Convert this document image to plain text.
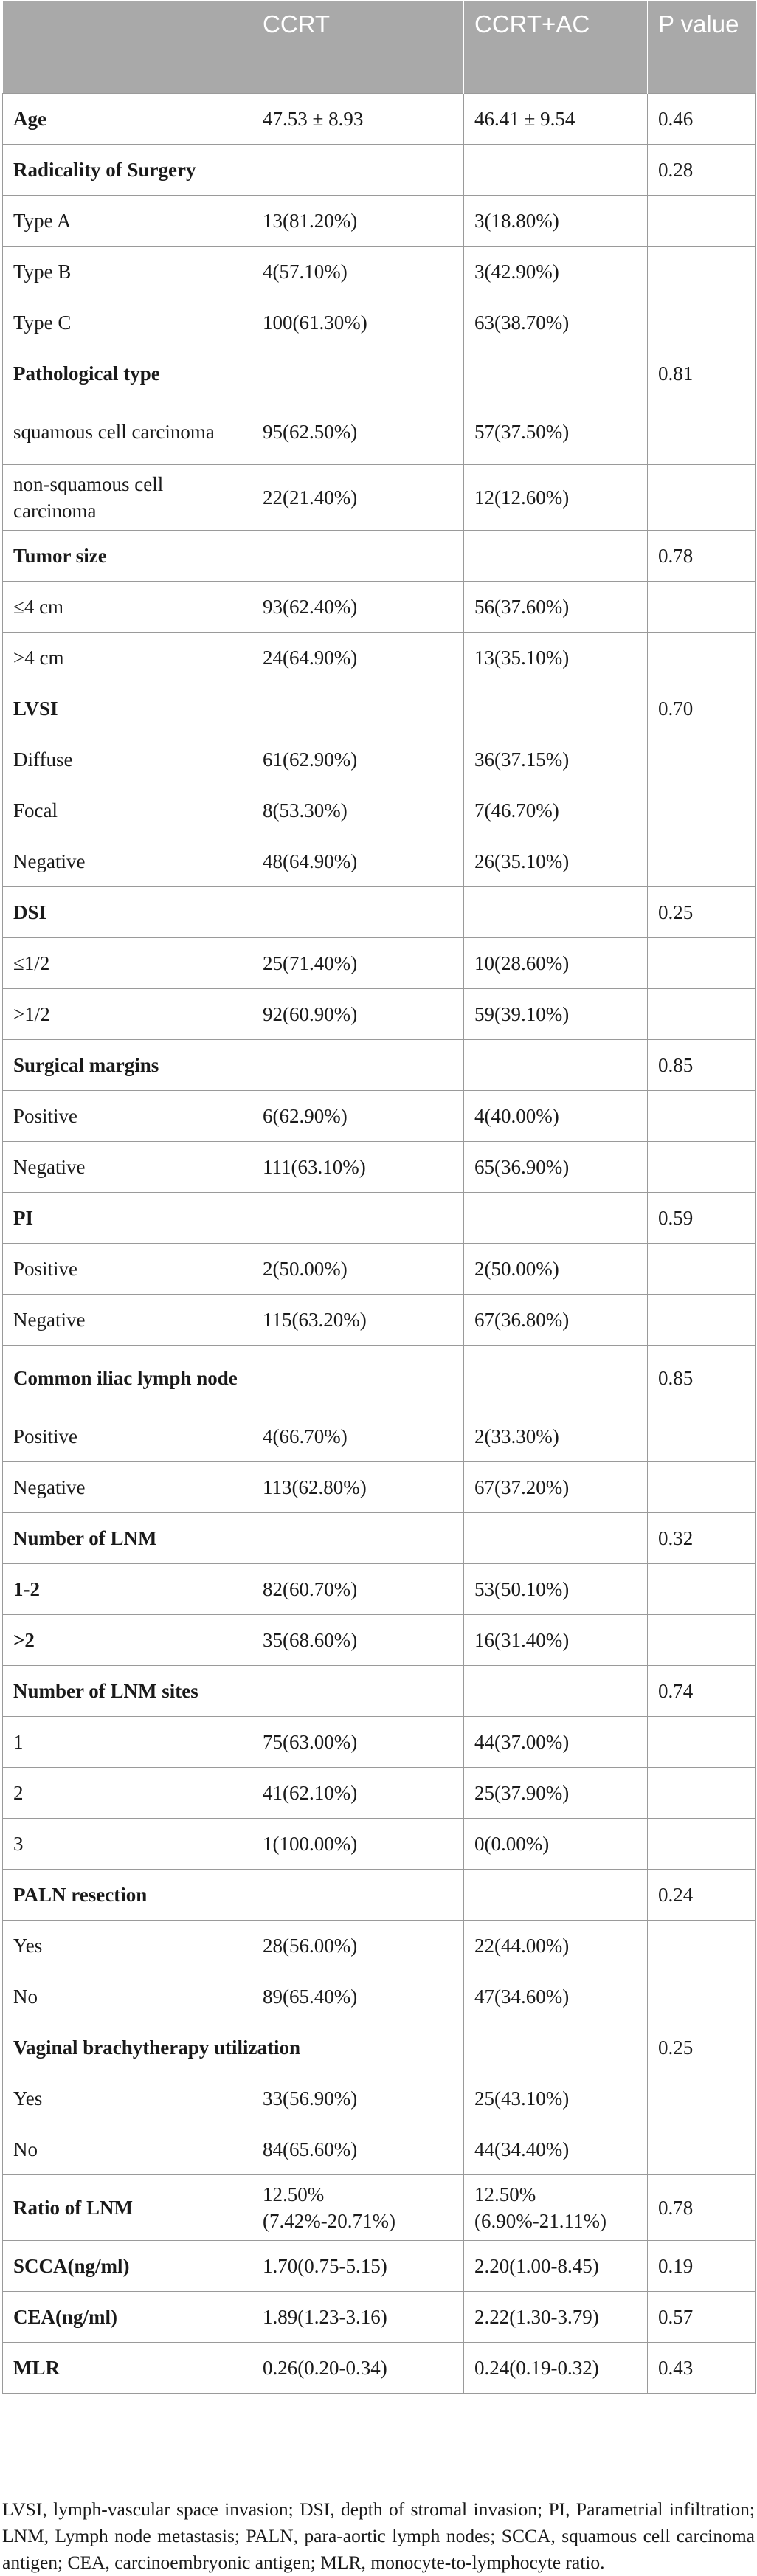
	CCRT	CCRT+AC	P value
Age	47.53 ± 8.93	46.41 ± 9.54	0.46
Radicality of Surgery			0.28
Type A	13(81.20%)	3(18.80%)	
Type B	4(57.10%)	3(42.90%)	
Type C	100(61.30%)	63(38.70%)	
Pathological type			0.81
squamous cell carcinoma	95(62.50%)	57(37.50%)	
non-squamous cell carcinoma	22(21.40%)	12(12.60%)	
Tumor size			0.78
≤4 cm	93(62.40%)	56(37.60%)	
>4 cm	24(64.90%)	13(35.10%)	
LVSI			0.70
Diffuse	61(62.90%)	36(37.15%)	
Focal	8(53.30%)	7(46.70%)	
Negative	48(64.90%)	26(35.10%)	
DSI			0.25
≤1/2	25(71.40%)	10(28.60%)	
>1/2	92(60.90%)	59(39.10%)	
Surgical margins			0.85
Positive	6(62.90%)	4(40.00%)	
Negative	111(63.10%)	65(36.90%)	
PI			0.59
Positive	2(50.00%)	2(50.00%)	
Negative	115(63.20%)	67(36.80%)	
Common iliac lymph node			0.85
Positive	4(66.70%)	2(33.30%)	
Negative	113(62.80%)	67(37.20%)	
Number of LNM			0.32
1-2	82(60.70%)	53(50.10%)	
>2	35(68.60%)	16(31.40%)	
Number of LNM sites			0.74
1	75(63.00%)	44(37.00%)	
2	41(62.10%)	25(37.90%)	
3	1(100.00%)	0(0.00%)	
PALN resection			0.24
Yes	28(56.00%)	22(44.00%)	
No	89(65.40%)	47(34.60%)	
Vaginal brachytherapy utilization			0.25
Yes	33(56.90%)	25(43.10%)	
No	84(65.60%)	44(34.40%)	
Ratio of LNM	12.50% (7.42%-20.71%)	12.50% (6.90%-21.11%)	0.78
SCCA(ng/ml)	1.70(0.75-5.15)	2.20(1.00-8.45)	0.19
CEA(ng/ml)	1.89(1.23-3.16)	2.22(1.30-3.79)	0.57
MLR	0.26(0.20-0.34)	0.24(0.19-0.32)	0.43
LVSI, lymph-vascular space invasion; DSI, depth of stromal invasion; PI, Parametrial infiltration; LNM, Lymph node metastasis; PALN, para-aortic lymph nodes; SCCA, squamous cell carcinoma antigen; CEA, carcinoembryonic antigen; MLR, monocyte-to-lymphocyte ratio.
